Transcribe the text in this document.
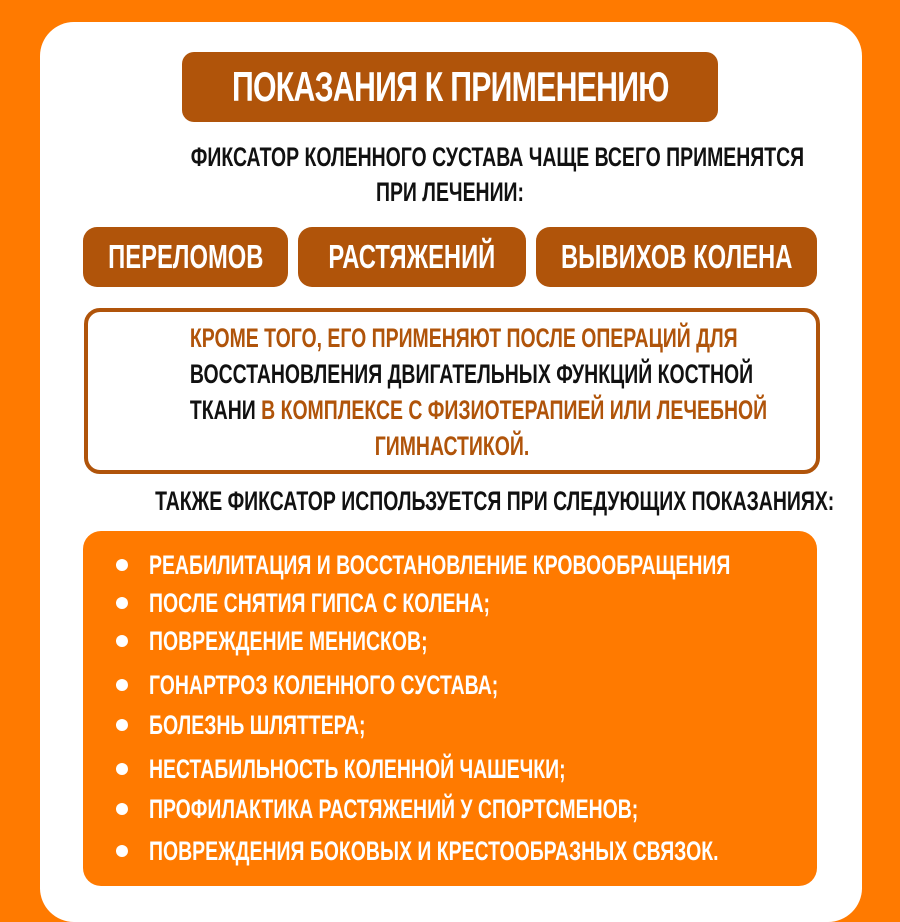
ПОКАЗАНИЯ К ПРИМЕНЕНИЮ
ФИКСАТОР КОЛЕННОГО СУСТАВА ЧАЩЕ ВСЕГО ПРИМЕНЯТСЯ
ПРИ ЛЕЧЕНИИ:
ПЕРЕЛОМОВ РАСТЯЖЕНИЙ ВЫВИХОВ КОЛЕНА
КРОМЕ ТОГО, ЕГО ПРИМЕНЯЮТ ПОСЛЕ ОПЕРАЦИЙ ДЛЯ
ВОССТАНОВЛЕНИЯ ДВИГАТЕЛЬНЫХ ФУНКЦИЙ КОСТНОЙ
ТКАНИ В КОМПЛЕКСЕ С ФИЗИОТЕРАПИЕЙ ИЛИ ЛЕЧЕБНОЙ
ГИМНАСТИКОЙ.
ТАКЖЕ ФИКСАТОР ИСПОЛЬЗУЕТСЯ ПРИ СЛЕДУЮЩИХ ПОКАЗАНИЯХ:
РЕАБИЛИТАЦИЯ И ВОССТАНОВЛЕНИЕ КРОВООБРАЩЕНИЯ
ПОСЛЕ СНЯТИЯ ГИПСА С КОЛЕНА;
ПОВРЕЖДЕНИЕ МЕНИСКОВ;
ГОНАРТРОЗ КОЛЕННОГО СУСТАВА;
БОЛЕЗНЬ ШЛЯТТЕРА;
НЕСТАБИЛЬНОСТЬ КОЛЕННОЙ ЧАШЕЧКИ;
ПРОФИЛАКТИКА РАСТЯЖЕНИЙ У СПОРТСМЕНОВ;
ПОВРЕЖДЕНИЯ БОКОВЫХ И КРЕСТООБРАЗНЫХ СВЯЗОК.
